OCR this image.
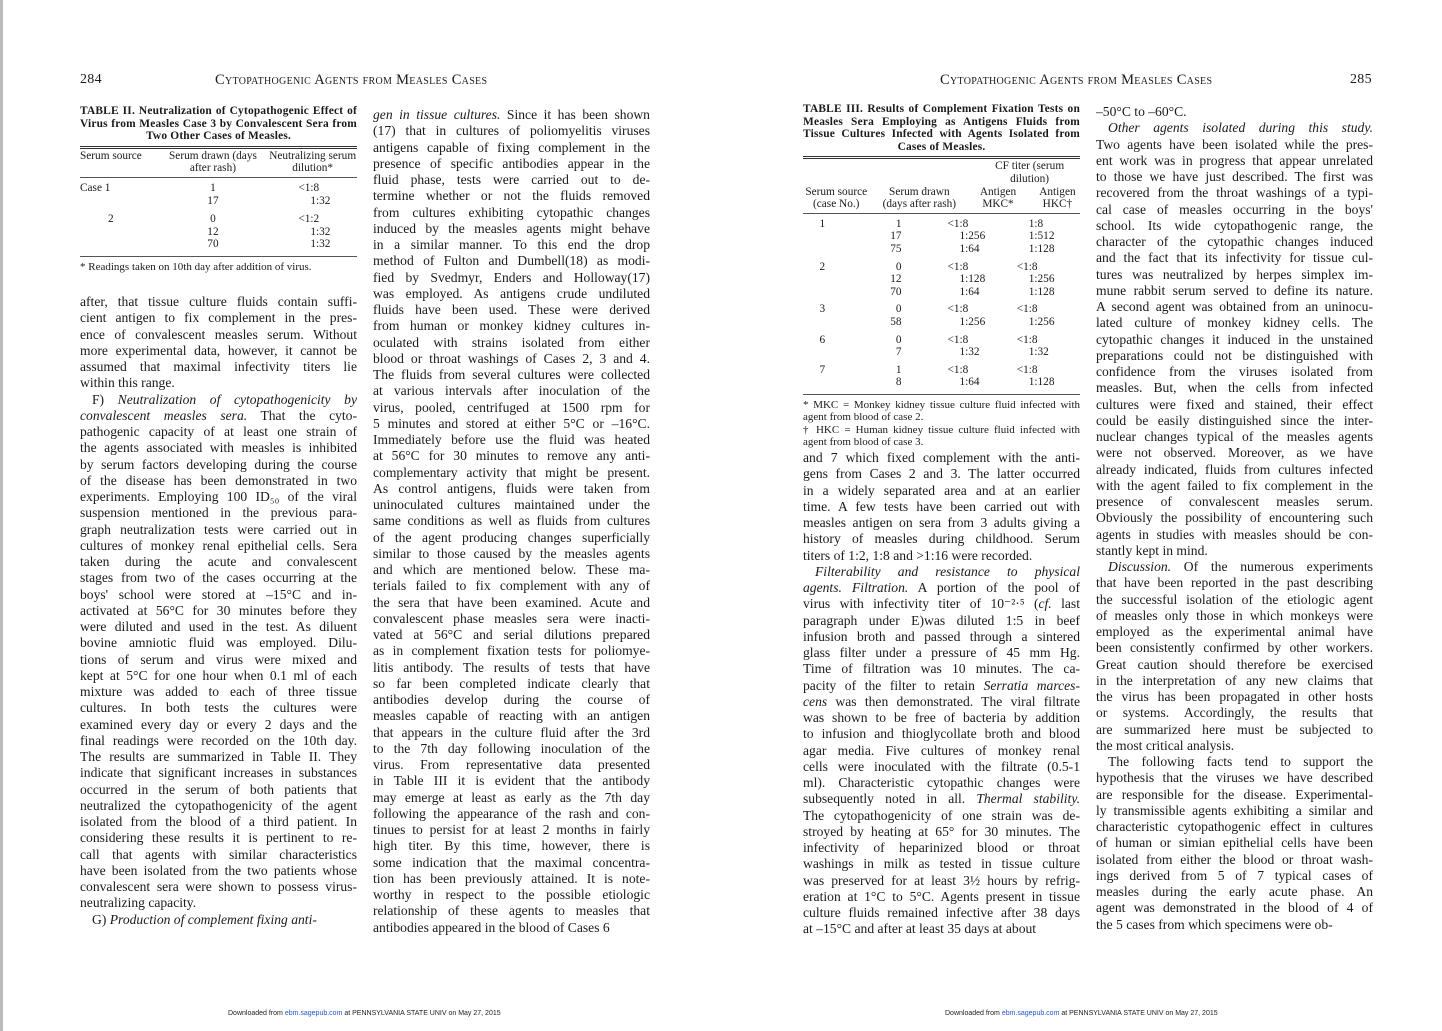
284	Cytopathogenic Agents from Measles Cases	Cytopathogenic Agents from Measles Cases	285
TABLE II. Neutralization of Cytopathogenic Effect of Virus from Measles Case 3 by Convalescent Sera from Two Other Cases of Measles.
Serum source	Serum drawn (days after rash)	Neutralizing serum dilution*
Case 1	1	<1:8
	17	1:32

2	0	<1:2
	12	1:32
	70	1:32
* Readings taken on 10th day after addition of virus.
TABLE III. Results of Complement Fixation Tests on Measles Sera Employing as Antigens Fluids from Tissue Cultures Infected with Agents Isolated from Cases of Measles.
		CF titer (serum dilution)	
Serum source (case No.)	Serum drawn (days after rash)	Antigen MKC*	Antigen HKC†
1	1	<1:8	1:8
	17	1:256	1:512
	75	1:64	1:128

2	0	<1:8	<1:8
	12	1:128	1:256
	70	1:64	1:128

3	0	<1:8	<1:8
	58	1:256	1:256

6	0	<1:8	<1:8
	7	1:32	1:32

7	1	<1:8	<1:8
	8	1:64	1:128
* MKC = Monkey kidney tissue culture fluid infected with agent from blood of case 2.
† HKC = Human kidney tissue culture fluid infected with agent from blood of case 3.
after, that tissue culture fluids contain suffi-
cient antigen to fix complement in the pres-
ence of convalescent measles serum. Without
more experimental data, however, it cannot be
assumed that maximal infectivity titers lie
within this range.
F) Neutralization of cytopathogenicity by
convalescent measles sera. That the cyto-
pathogenic capacity of at least one strain of
the agents associated with measles is inhibited
by serum factors developing during the course
of the disease has been demonstrated in two
experiments. Employing 100 ID₅₀ of the viral
suspension mentioned in the previous para-
graph neutralization tests were carried out in
cultures of monkey renal epithelial cells. Sera
taken during the acute and convalescent
stages from two of the cases occurring at the
boys' school were stored at –15°C and in-
activated at 56°C for 30 minutes before they
were diluted and used in the test. As diluent
bovine amniotic fluid was employed. Dilu-
tions of serum and virus were mixed and
kept at 5°C for one hour when 0.1 ml of each
mixture was added to each of three tissue
cultures. In both tests the cultures were
examined every day or every 2 days and the
final readings were recorded on the 10th day.
The results are summarized in Table II. They
indicate that significant increases in substances
occurred in the serum of both patients that
neutralized the cytopathogenicity of the agent
isolated from the blood of a third patient. In
considering these results it is pertinent to re-
call that agents with similar characteristics
have been isolated from the two patients whose
convalescent sera were shown to possess virus-
neutralizing capacity.
G) Production of complement fixing anti-
gen in tissue cultures. Since it has been shown
(17) that in cultures of poliomyelitis viruses
antigens capable of fixing complement in the
presence of specific antibodies appear in the
fluid phase, tests were carried out to de-
termine whether or not the fluids removed
from cultures exhibiting cytopathic changes
induced by the measles agents might behave
in a similar manner. To this end the drop
method of Fulton and Dumbell(18) as modi-
fied by Svedmyr, Enders and Holloway(17)
was employed. As antigens crude undiluted
fluids have been used. These were derived
from human or monkey kidney cultures in-
oculated with strains isolated from either
blood or throat washings of Cases 2, 3 and 4.
The fluids from several cultures were collected
at various intervals after inoculation of the
virus, pooled, centrifuged at 1500 rpm for
5 minutes and stored at either 5°C or –16°C.
Immediately before use the fluid was heated
at 56°C for 30 minutes to remove any anti-
complementary activity that might be present.
As control antigens, fluids were taken from
uninoculated cultures maintained under the
same conditions as well as fluids from cultures
of the agent producing changes superficially
similar to those caused by the measles agents
and which are mentioned below. These ma-
terials failed to fix complement with any of
the sera that have been examined. Acute and
convalescent phase measles sera were inacti-
vated at 56°C and serial dilutions prepared
as in complement fixation tests for poliomye-
litis antibody. The results of tests that have
so far been completed indicate clearly that
antibodies develop during the course of
measles capable of reacting with an antigen
that appears in the culture fluid after the 3rd
to the 7th day following inoculation of the
virus. From representative data presented
in Table III it is evident that the antibody
may emerge at least as early as the 7th day
following the appearance of the rash and con-
tinues to persist for at least 2 months in fairly
high titer. By this time, however, there is
some indication that the maximal concentra-
tion has been previously attained. It is note-
worthy in respect to the possible etiologic
relationship of these agents to measles that
antibodies appeared in the blood of Cases 6
and 7 which fixed complement with the anti-
gens from Cases 2 and 3. The latter occurred
in a widely separated area and at an earlier
time. A few tests have been carried out with
measles antigen on sera from 3 adults giving a
history of measles during childhood. Serum
titers of 1:2, 1:8 and >1:16 were recorded.
Filterability and resistance to physical
agents. Filtration. A portion of the pool of
virus with infectivity titer of 10⁻²·⁵ (cf. last
paragraph under E)was diluted 1:5 in beef
infusion broth and passed through a sintered
glass filter under a pressure of 45 mm Hg.
Time of filtration was 10 minutes. The ca-
pacity of the filter to retain Serratia marces-
cens was then demonstrated. The viral filtrate
was shown to be free of bacteria by addition
to infusion and thioglycollate broth and blood
agar media. Five cultures of monkey renal
cells were inoculated with the filtrate (0.5-1
ml). Characteristic cytopathic changes were
subsequently noted in all. Thermal stability.
The cytopathogenicity of one strain was de-
stroyed by heating at 65° for 30 minutes. The
infectivity of heparinized blood or throat
washings in milk as tested in tissue culture
was preserved for at least 3½ hours by refrig-
eration at 1°C to 5°C. Agents present in tissue
culture fluids remained infective after 38 days
at –15°C and after at least 35 days at about
–50°C to –60°C.
Other agents isolated during this study.
Two agents have been isolated while the pres-
ent work was in progress that appear unrelated
to those we have just described. The first was
recovered from the throat washings of a typi-
cal case of measles occurring in the boys'
school. Its wide cytopathogenic range, the
character of the cytopathic changes induced
and the fact that its infectivity for tissue cul-
tures was neutralized by herpes simplex im-
mune rabbit serum served to define its nature.
A second agent was obtained from an uninocu-
lated culture of monkey kidney cells. The
cytopathic changes it induced in the unstained
preparations could not be distinguished with
confidence from the viruses isolated from
measles. But, when the cells from infected
cultures were fixed and stained, their effect
could be easily distinguished since the inter-
nuclear changes typical of the measles agents
were not observed. Moreover, as we have
already indicated, fluids from cultures infected
with the agent failed to fix complement in the
presence of convalescent measles serum.
Obviously the possibility of encountering such
agents in studies with measles should be con-
stantly kept in mind.
Discussion. Of the numerous experiments
that have been reported in the past describing
the successful isolation of the etiologic agent
of measles only those in which monkeys were
employed as the experimental animal have
been consistently confirmed by other workers.
Great caution should therefore be exercised
in the interpretation of any new claims that
the virus has been propagated in other hosts
or systems. Accordingly, the results that
are summarized here must be subjected to
the most critical analysis.
The following facts tend to support the
hypothesis that the viruses we have described
are responsible for the disease. Experimental-
ly transmissible agents exhibiting a similar and
characteristic cytopathogenic effect in cultures
of human or simian epithelial cells have been
isolated from either the blood or throat wash-
ings derived from 5 of 7 typical cases of
measles during the early acute phase. An
agent was demonstrated in the blood of 4 of
the 5 cases from which specimens were ob-
Downloaded from ebm.sagepub.com at PENNSYLVANIA STATE UNIV on May 27, 2015	Downloaded from ebm.sagepub.com at PENNSYLVANIA STATE UNIV on May 27, 2015
